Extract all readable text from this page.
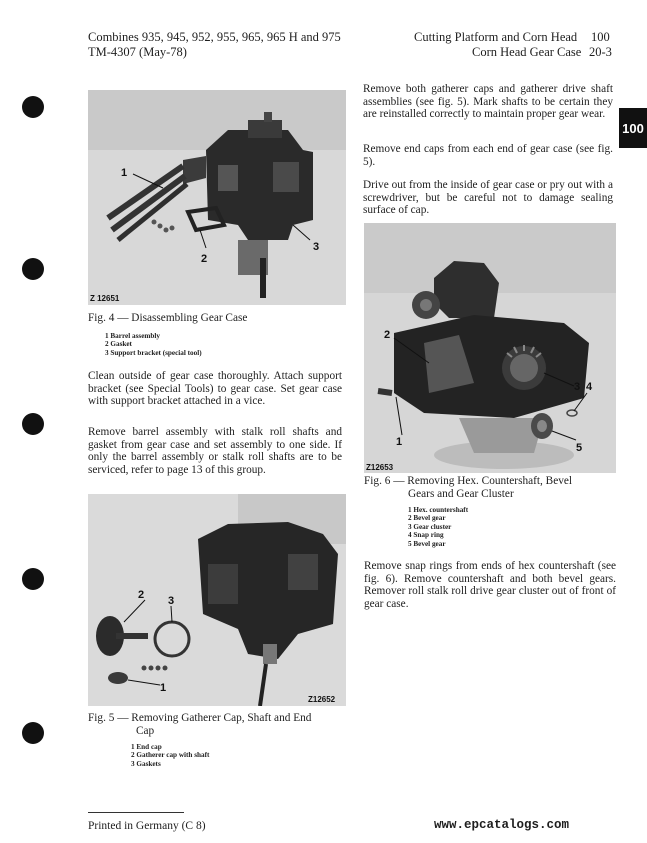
Combines 935, 945, 952, 955, 965, 965 H and 975
TM-4307 (May-78)
Cutting Platform and Corn Head 100
Corn Head Gear Case 20-3
100
1
2
3
Z 12651
Fig. 4 — Disassembling Gear Case
1 Barrel assembly
2 Gasket
3 Support bracket (special tool)
Clean outside of gear case thoroughly. Attach support bracket (see Special Tools) to gear case. Set gear case with support bracket attached in a vice.
Remove barrel assembly with stalk roll shafts and gasket from gear case and set assembly to one side. If only the barrel assembly or stalk roll shafts are to be serviced, refer to page 13 of this group.
2 3
1
Z12652
Fig. 5 — Removing Gatherer Cap, Shaft and End
Cap
1 End cap
2 Gatherer cap with shaft
3 Gaskets
Remove both gatherer caps and gatherer drive shaft assemblies (see fig. 5). Mark shafts to be certain they are reinstalled correctly to maintain proper gear wear.
Remove end caps from each end of gear case (see fig. 5).
Drive out from the inside of gear case or pry out with a screwdriver, but be careful not to damage sealing surface of cap.
2
3 4
1	5
Z12653
Fig. 6 — Removing Hex. Countershaft, Bevel
Gears and Gear Cluster
1 Hex. countershaft
2 Bevel gear
3 Gear cluster
4 Snap ring
5 Bevel gear
Remove snap rings from ends of hex countershaft (see fig. 6). Remove countershaft and both bevel gears. Remover roll stalk roll drive gear cluster out of front of gear case.
Printed in Germany (C 8)	www.epcatalogs.com
